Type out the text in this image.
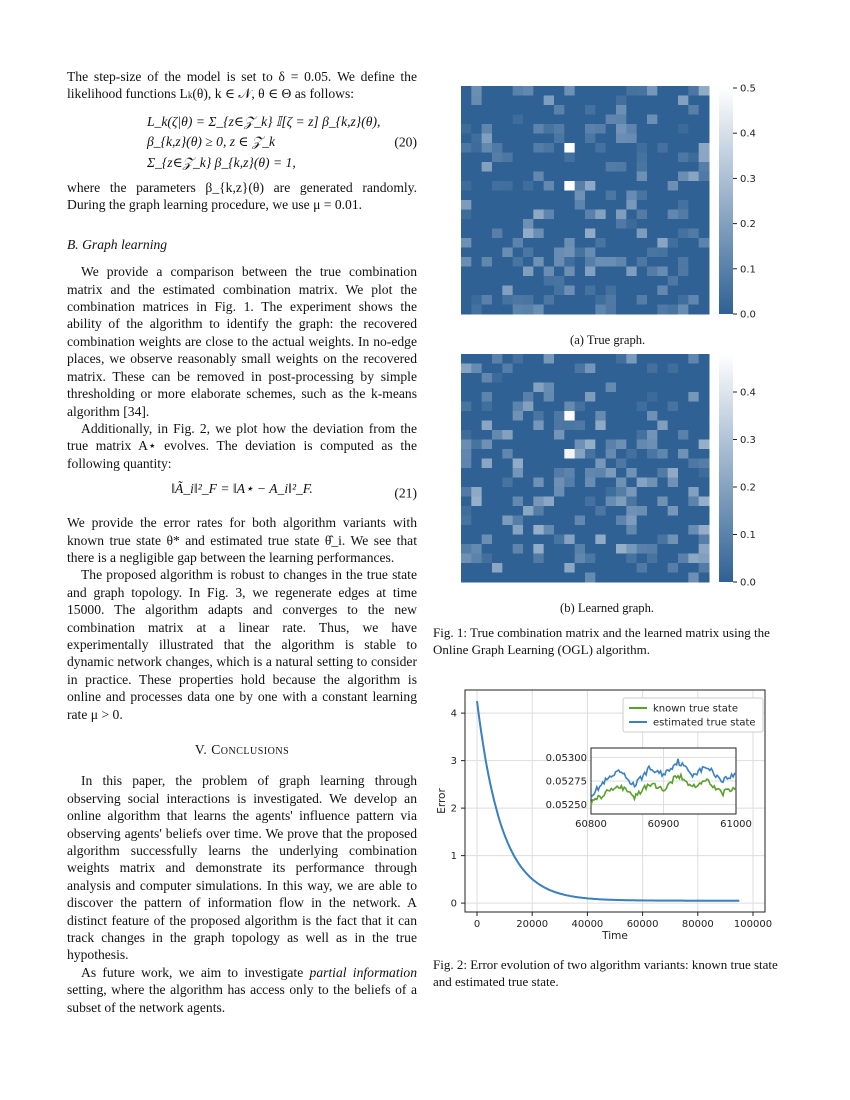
The step-size of the model is set to δ = 0.05. We define the likelihood functions Lk(θ), k ∈ 𝒩, θ ∈ Θ as follows:

L_k(ζ|θ) = Σ_{z∈𝒵_k} 𝕀[ζ = z] β_{k,z}(θ),
β_{k,z}(θ) ≥ 0, z ∈ 𝒵_k
Σ_{z∈𝒵_k} β_{k,z}(θ) = 1,
(20)

where the parameters β_{k,z}(θ) are generated randomly. During the graph learning procedure, we use μ = 0.01.

B. Graph learning

We provide a comparison between the true combination matrix and the estimated combination matrix. We plot the combination matrices in Fig. 1. The experiment shows the ability of the algorithm to identify the graph: the recovered combination weights are close to the actual weights. In no-edge places, we observe reasonably small weights on the recovered matrix. These can be removed in post-processing by simple thresholding or more elaborate schemes, such as the k-means algorithm [34].

Additionally, in Fig. 2, we plot how the deviation from the true matrix A⋆ evolves. The deviation is computed as the following quantity:

‖Ã_i‖²_F = ‖A⋆ − A_i‖²_F.	(21)

We provide the error rates for both algorithm variants with known true state θ* and estimated true state θ̂_i. We see that there is a negligible gap between the learning performances.

The proposed algorithm is robust to changes in the true state and graph topology. In Fig. 3, we regenerate edges at time 15000. The algorithm adapts and converges to the new combination matrix at a linear rate. Thus, we have experimentally illustrated that the algorithm is stable to dynamic network changes, which is a natural setting to consider in practice. These properties hold because the algorithm is online and processes data one by one with a constant learning rate μ > 0.

V. Conclusions

In this paper, the problem of graph learning through observing social interactions is investigated. We develop an online algorithm that learns the agents' influence pattern via observing agents' beliefs over time. We prove that the proposed algorithm successfully learns the underlying combination weights matrix and demonstrate its performance through analysis and computer simulations. In this way, we are able to discover the pattern of information flow in the network. A distinct feature of the proposed algorithm is the fact that it can track changes in the graph topology as well as in the true hypothesis.

As future work, we aim to investigate partial information setting, where the algorithm has access only to the beliefs of a subset of the network agents.

0.5
0.4
0.3
0.2
0.1
0.0
(a) True graph.
0.4
0.3
0.2
0.1
0.0
(b) Learned graph.
Fig. 1: True combination matrix and the learned matrix using the Online Graph Learning (OGL) algorithm.
0	20000 40000 60000 80000 100000
0
1
2
3
4
Time
Error
known true state
estimated true state
60800	60900	61000
0.05250
0.05275
0.05300
Fig. 2: Error evolution of two algorithm variants: known true state and estimated true state.
